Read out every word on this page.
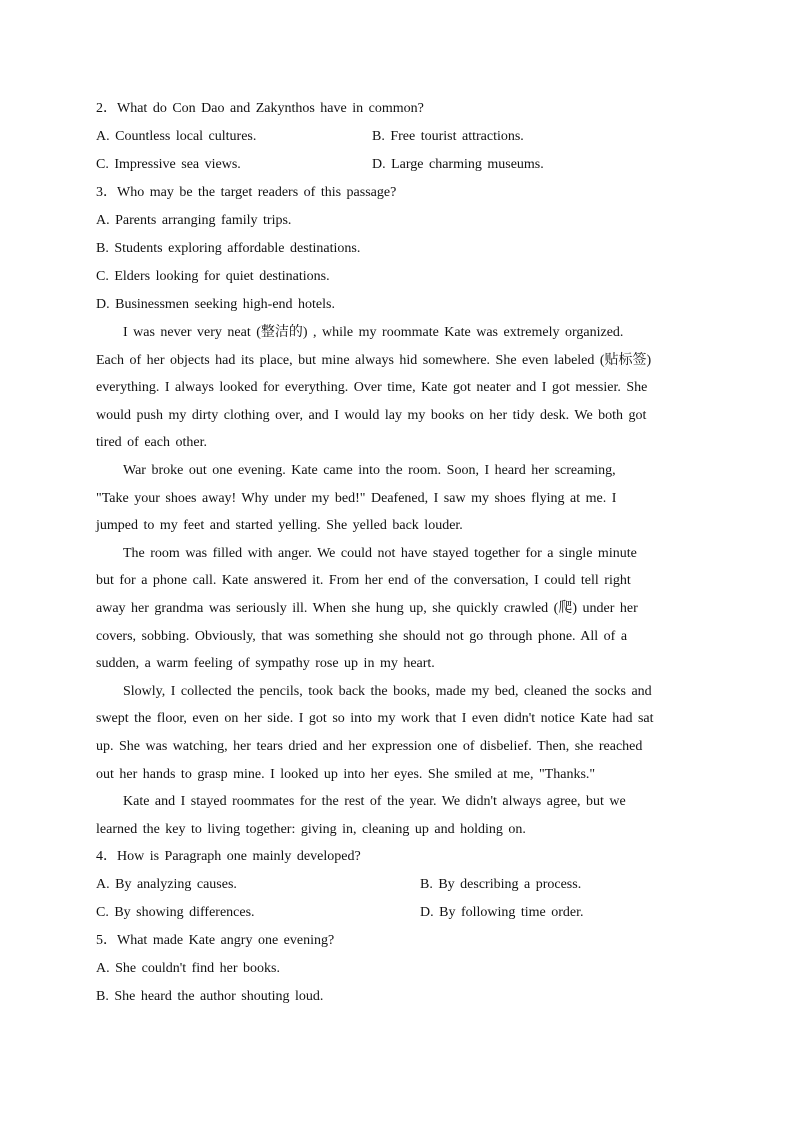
2．What do Con Dao and Zakynthos have in common?
A. Countless local cultures.	B. Free tourist attractions.
C. Impressive sea views.	D. Large charming museums.
3．Who may be the target readers of this passage?
A. Parents arranging family trips.
B. Students exploring affordable destinations.
C. Elders looking for quiet destinations.
D. Businessmen seeking high-end hotels.
I was never very neat (整洁的) , while my roommate Kate was extremely organized.
Each of her objects had its place, but mine always hid somewhere. She even labeled (贴标签)
everything. I always looked for everything. Over time, Kate got neater and I got messier. She
would push my dirty clothing over, and I would lay my books on her tidy desk. We both got
tired of each other.
War broke out one evening. Kate came into the room. Soon, I heard her screaming,
"Take your shoes away! Why under my bed!" Deafened, I saw my shoes flying at me. I
jumped to my feet and started yelling. She yelled back louder.
The room was filled with anger. We could not have stayed together for a single minute
but for a phone call. Kate answered it. From her end of the conversation, I could tell right
away her grandma was seriously ill. When she hung up, she quickly crawled (爬) under her
covers, sobbing. Obviously, that was something she should not go through phone. All of a
sudden, a warm feeling of sympathy rose up in my heart.
Slowly, I collected the pencils, took back the books, made my bed, cleaned the socks and
swept the floor, even on her side. I got so into my work that I even didn't notice Kate had sat
up. She was watching, her tears dried and her expression one of disbelief. Then, she reached
out her hands to grasp mine. I looked up into her eyes. She smiled at me, "Thanks."
Kate and I stayed roommates for the rest of the year. We didn't always agree, but we
learned the key to living together: giving in, cleaning up and holding on.
4．How is Paragraph one mainly developed?
A. By analyzing causes.	B. By describing a process.
C. By showing differences.	D. By following time order.
5．What made Kate angry one evening?
A. She couldn't find her books.
B. She heard the author shouting loud.
